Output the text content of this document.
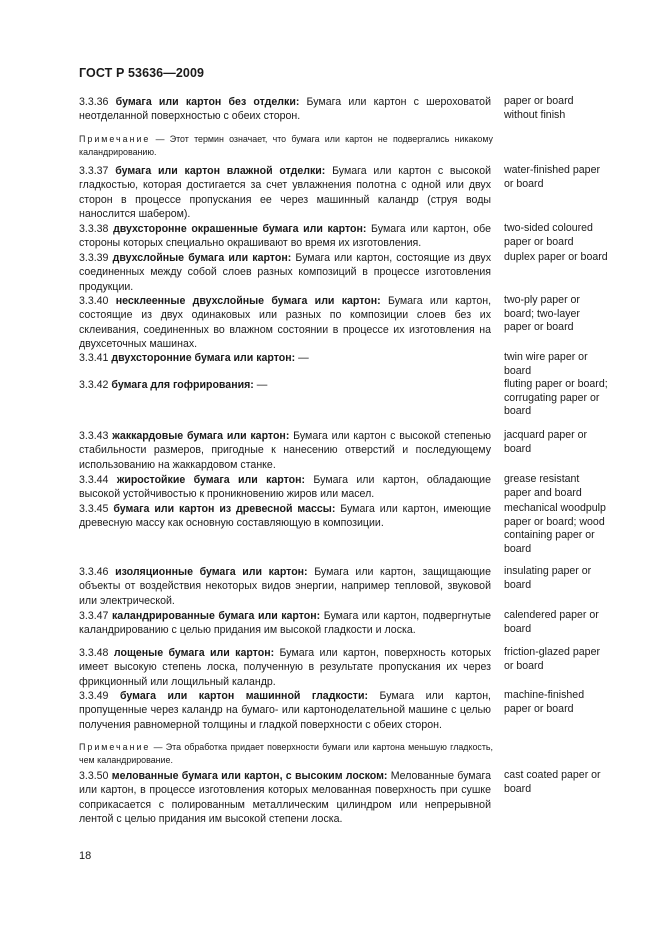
ГОСТ Р 53636—2009
3.3.36 бумага или картон без отделки: Бумага или картон с шероховатой неотделанной поверхностью с обеих сторон.
paper or board without finish
Примечание — Этот термин означает, что бумага или картон не подвергались никакому каландрированию.
3.3.37 бумага или картон влажной отделки: Бумага или картон с высокой гладкостью, которая достигается за счет увлажнения полотна с одной или двух сторон в процессе пропускания ее через машинный каландр (струя воды нанослится шабером).
water-finished paper or board
3.3.38 двухсторонне окрашенные бумага или картон: Бумага или картон, обе стороны которых специально окрашивают во время их изготовления.
two-sided coloured paper or board
3.3.39 двухслойные бумага или картон: Бумага или картон, состоящие из двух соединенных между собой слоев разных композиций в процессе изготовления продукции.
duplex paper or board
3.3.40 несклеенные двухслойные бумага или картон: Бумага или картон, состоящие из двух одинаковых или разных по композиции слоев без их склеивания, соединенных во влажном состоянии в процессе их изготовления на двухсеточных машинах.
two-ply paper or board; two-layer paper or board
3.3.41 двухсторонние бумага или картон: —	twin wire paper or board
3.3.42 бумага для гофрирования: —	fluting paper or board; corrugating paper or board
3.3.43 жаккардовые бумага или картон: Бумага или картон с высокой степенью стабильности размеров, пригодные к нанесению отверстий и последующему использованию на жаккардовом станке.
jacquard paper or board
3.3.44 жиростойкие бумага или картон: Бумага или картон, обладающие высокой устойчивостью к проникновению жиров или масел.
grease resistant paper and board
3.3.45 бумага или картон из древесной массы: Бумага или картон, имеющие древесную массу как основную составляющую в композиции.
mechanical woodpulp paper or board; wood containing paper or board
3.3.46 изоляционные бумага или картон: Бумага или картон, защищающие объекты от воздействия некоторых видов энергии, например тепловой, звуковой или электрической.
insulating paper or board
3.3.47 каландрированные бумага или картон: Бумага или картон, подвергнутые каландрированию с целью придания им высокой гладкости и лоска.
calendered paper or board
3.3.48 лощеные бумага или картон: Бумага или картон, поверхность которых имеет высокую степень лоска, полученную в результате пропускания их через фрикционный или лощильный каландр.
friction-glazed paper or board
3.3.49 бумага или картон машинной гладкости: Бумага или картон, пропущенные через каландр на бумаго- или картоноделательной машине с целью получения равномерной толщины и гладкой поверхности с обеих сторон.
machine-finished paper or board
Примечание — Эта обработка придает поверхности бумаги или картона меньшую гладкость, чем каландрирование.
3.3.50 мелованные бумага или картон, с высоким лоском: Мелованные бумага или картон, в процессе изготовления которых мелованная поверхность при сушке соприкасается с полированным металлическим цилиндром или непрерывной лентой с целью придания им высокой степени лоска.
cast coated paper or board
18
